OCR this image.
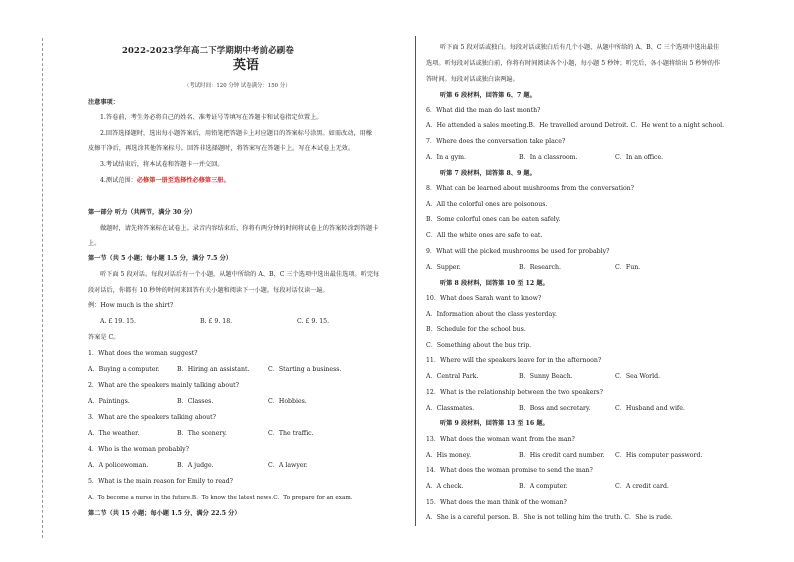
2022-2023学年高二下学期期中考前必刷卷
英语
（考试时间：120 分钟 试卷满分：150 分）
注意事项：
1.答卷前，考生务必将自己的姓名、准考证号等填写在答题卡和试卷指定位置上。
2.回答选择题时，选出每小题答案后，用铅笔把答题卡上对应题目的答案标号涂黑。如需改动，用橡
皮擦干净后，再选涂其他答案标号。回答非选择题时，将答案写在答题卡上。写在本试卷上无效。
3.考试结束后，将本试卷和答题卡一并交回。
4.测试范围：必修第一册至选择性必修第三册。
第一部分 听力（共两节，满分 30 分）
做题时，请先将答案标在试卷上。录音内容结束后，你将有两分钟的时间将试卷上的答案转涂到答题卡
上。
第一节（共 5 小题；每小题 1.5 分，满分 7.5 分）
听下面 5 段对话。每段对话后有一个小题，从题中所给的 A、B、C 三个选项中选出最佳选项。听完每
段对话后，你都有 10 秒钟的时间来回答有关小题和阅读下一小题。每段对话仅读一遍。
例：How much is the shirt?
A. £ 19. 15.	B. £ 9. 18.	C. £ 9. 15.
答案是 C。
1．What does the woman suggest?
A．Buying a computer.	B．Hiring an assistant.	C．Starting a business.
2．What are the speakers mainly talking about?
A．Paintings.	B．Classes.	C．Hobbies.
3．What are the speakers talking about?
A．The weather.	B．The scenery.	C．The traffic.
4．Who is the woman probably?
A．A policewoman.	B．A judge.	C．A lawyer.
5．What is the main reason for Emily to read?
A．To become a nurse in the future.B．To know the latest news.C．To prepare for an exam.
第二节（共 15 小题；每小题 1.5 分，满分 22.5 分）
听下面 5 段对话或独白。每段对话或独白后有几个小题，从题中所给的 A、B、C 三个选项中选出最佳
选项。听每段对话或独白前，你将有时间阅读各个小题，每小题 5 秒钟；听完后，各小题将给出 5 秒钟的作
答时间。每段对话或独白读两遍。
听第 6 段材料，回答第 6、7 题。
6．What did the man do last month?
A．He attended a sales meeting.B．He travelled around Detroit. C．He went to a night school.
7．Where does the conversation take place?
A．In a gym.	B．In a classroom.	C．In an office.
听第 7 段材料，回答第 8、9 题。
8．What can be learned about mushrooms from the conversation?
A．All the colorful ones are poisonous.
B．Some colorful ones can be eaten safely.
C．All the white ones are safe to eat.
9．What will the picked mushrooms be used for probably?
A．Supper.	B．Research.	C．Fun.
听第 8 段材料，回答第 10 至 12 题。
10．What does Sarah want to know?
A．Information about the class yesterday.
B．Schedule for the school bus.
C．Something about the bus trip.
11．Where will the speakers leave for in the afternoon?
A．Central Park.	B．Sunny Beach.	C．Sea World.
12．What is the relationship between the two speakers?
A．Classmates.	B．Boss and secretary.	C．Husband and wife.
听第 9 段材料，回答第 13 至 16 题。
13．What does the woman want from the man?
A．His money.	B．His credit card number. C．His computer password.
14．What does the woman promise to send the man?
A．A check.	B．A computer.	C．A credit card.
15．What does the man think of the woman?
A．She is a careful person. B．She is not telling him the truth. C．She is rude.
